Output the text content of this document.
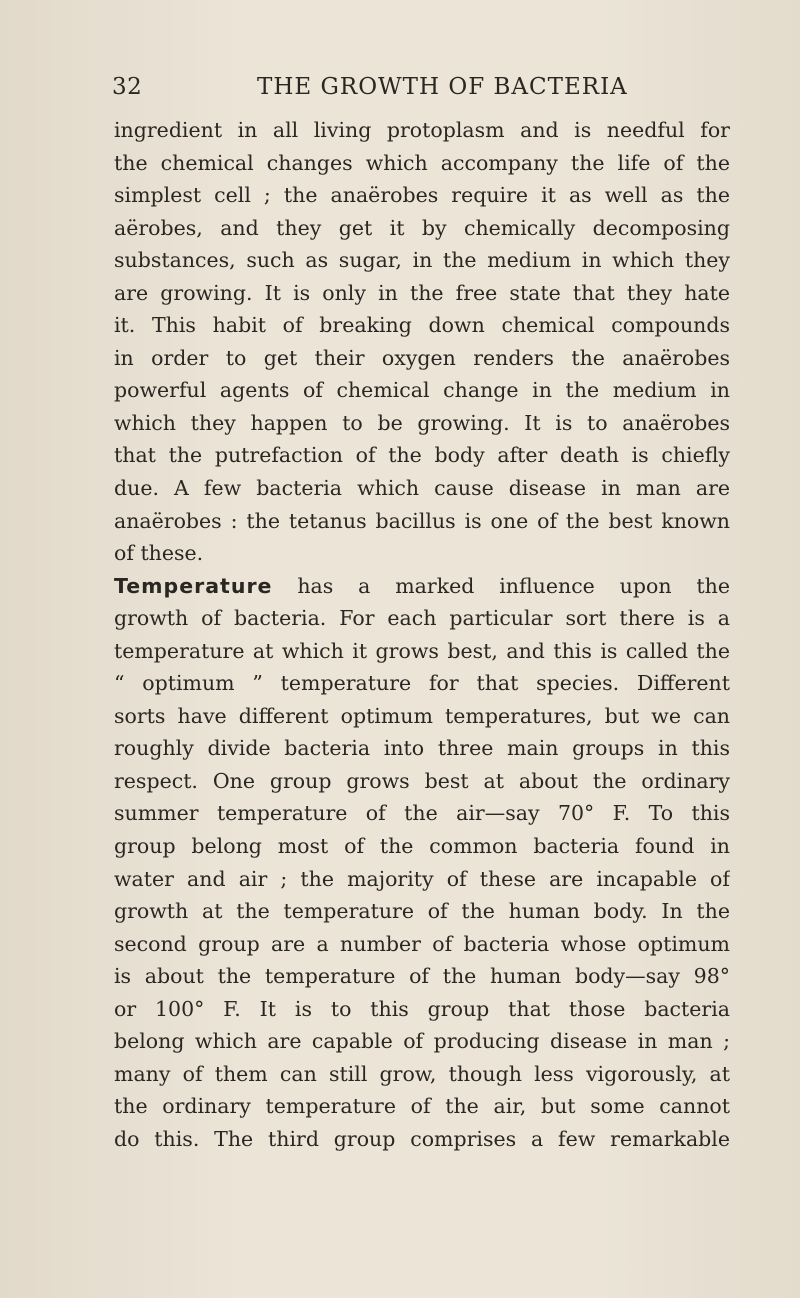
32	THE GROWTH OF BACTERIA
ingredient in all living protoplasm and is needful for
the chemical changes which accompany the life of the
simplest cell ; the anaërobes require it as well as the
aërobes, and they get it by chemically decomposing
substances, such as sugar, in the medium in which they
are growing. It is only in the free state that they hate
it. This habit of breaking down chemical compounds
in order to get their oxygen renders the anaërobes
powerful agents of chemical change in the medium in
which they happen to be growing. It is to anaërobes
that the putrefaction of the body after death is chiefly
due. A few bacteria which cause disease in man are
anaërobes : the tetanus bacillus is one of the best known
of these.
Temperature has a marked influence upon the
growth of bacteria. For each particular sort there is a
temperature at which it grows best, and this is called the
“ optimum ” temperature for that species. Different
sorts have different optimum temperatures, but we can
roughly divide bacteria into three main groups in this
respect. One group grows best at about the ordinary
summer temperature of the air—say 70° F. To this
group belong most of the common bacteria found in
water and air ; the majority of these are incapable of
growth at the temperature of the human body. In the
second group are a number of bacteria whose optimum
is about the temperature of the human body—say 98°
or 100° F. It is to this group that those bacteria
belong which are capable of producing disease in man ;
many of them can still grow, though less vigorously, at
the ordinary temperature of the air, but some cannot
do this. The third group comprises a few remarkable
